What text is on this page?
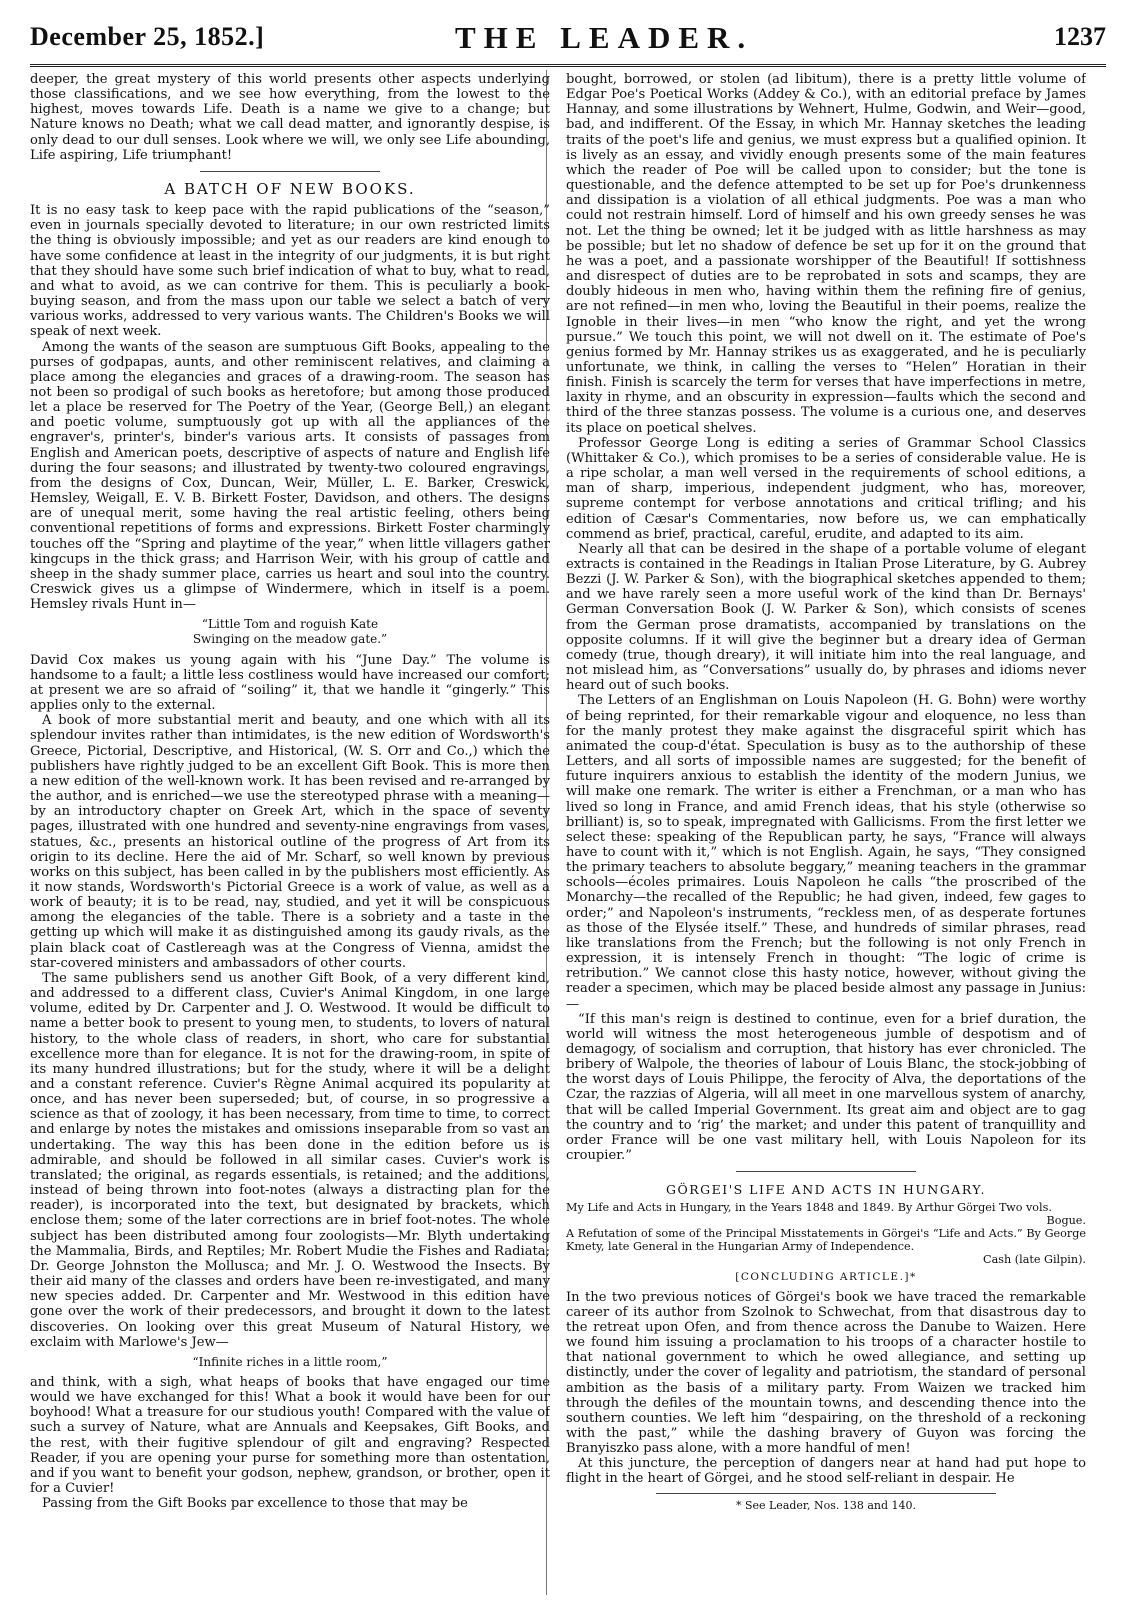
December 25, 1852.]	THE LEADER.	1237

deeper, the great mystery of this world presents other aspects underlying those classifications, and we see how everything, from the lowest to the highest, moves towards Life. Death is a name we give to a change; but Nature knows no Death; what we call dead matter, and ignorantly despise, is only dead to our dull senses. Look where we will, we only see Life abounding, Life aspiring, Life triumphant!

A BATCH OF NEW BOOKS.

It is no easy task to keep pace with the rapid publications of the “season,” even in journals specially devoted to literature; in our own restricted limits the thing is obviously impossible; and yet as our readers are kind enough to have some confidence at least in the integrity of our judgments, it is but right that they should have some such brief indication of what to buy, what to read, and what to avoid, as we can contrive for them. This is peculiarly a book-buying season, and from the mass upon our table we select a batch of very various works, addressed to very various wants. The Children's Books we will speak of next week.

Among the wants of the season are sumptuous Gift Books, appealing to the purses of godpapas, aunts, and other reminiscent relatives, and claiming a place among the elegancies and graces of a drawing-room. The season has not been so prodigal of such books as heretofore; but among those produced let a place be reserved for The Poetry of the Year, (George Bell,) an elegant and poetic volume, sumptuously got up with all the appliances of the engraver's, printer's, binder's various arts. It consists of passages from English and American poets, descriptive of aspects of nature and English life during the four seasons; and illustrated by twenty-two coloured engravings, from the designs of Cox, Duncan, Weir, Müller, L. E. Barker, Creswick, Hemsley, Weigall, E. V. B. Birkett Foster, Davidson, and others. The designs are of unequal merit, some having the real artistic feeling, others being conventional repetitions of forms and expressions. Birkett Foster charmingly touches off the “Spring and playtime of the year,” when little villagers gather kingcups in the thick grass; and Harrison Weir, with his group of cattle and sheep in the shady summer place, carries us heart and soul into the country. Creswick gives us a glimpse of Windermere, which in itself is a poem. Hemsley rivals Hunt in—

“Little Tom and roguish Kate
Swinging on the meadow gate.”

David Cox makes us young again with his “June Day.” The volume is handsome to a fault; a little less costliness would have increased our comfort; at present we are so afraid of “soiling” it, that we handle it “gingerly.” This applies only to the external.

A book of more substantial merit and beauty, and one which with all its splendour invites rather than intimidates, is the new edition of Wordsworth's Greece, Pictorial, Descriptive, and Historical, (W. S. Orr and Co.,) which the publishers have rightly judged to be an excellent Gift Book. This is more then a new edition of the well-known work. It has been revised and re-arranged by the author, and is enriched—we use the stereotyped phrase with a meaning—by an introductory chapter on Greek Art, which in the space of seventy pages, illustrated with one hundred and seventy-nine engravings from vases, statues, &c., presents an historical outline of the progress of Art from its origin to its decline. Here the aid of Mr. Scharf, so well known by previous works on this subject, has been called in by the publishers most efficiently. As it now stands, Wordsworth's Pictorial Greece is a work of value, as well as a work of beauty; it is to be read, nay, studied, and yet it will be conspicuous among the elegancies of the table. There is a sobriety and a taste in the getting up which will make it as distinguished among its gaudy rivals, as the plain black coat of Castlereagh was at the Congress of Vienna, amidst the star-covered ministers and ambassadors of other courts.

The same publishers send us another Gift Book, of a very different kind, and addressed to a different class, Cuvier's Animal Kingdom, in one large volume, edited by Dr. Carpenter and J. O. Westwood. It would be difficult to name a better book to present to young men, to students, to lovers of natural history, to the whole class of readers, in short, who care for substantial excellence more than for elegance. It is not for the drawing-room, in spite of its many hundred illustrations; but for the study, where it will be a delight and a constant reference. Cuvier's Règne Animal acquired its popularity at once, and has never been superseded; but, of course, in so progressive a science as that of zoology, it has been necessary, from time to time, to correct and enlarge by notes the mistakes and omissions inseparable from so vast an undertaking. The way this has been done in the edition before us is admirable, and should be followed in all similar cases. Cuvier's work is translated; the original, as regards essentials, is retained; and the additions, instead of being thrown into foot-notes (always a distracting plan for the reader), is incorporated into the text, but designated by brackets, which enclose them; some of the later corrections are in brief foot-notes. The whole subject has been distributed among four zoologists—Mr. Blyth undertaking the Mammalia, Birds, and Reptiles; Mr. Robert Mudie the Fishes and Radiata; Dr. George Johnston the Mollusca; and Mr. J. O. Westwood the Insects. By their aid many of the classes and orders have been re-investigated, and many new species added. Dr. Carpenter and Mr. Westwood in this edition have gone over the work of their predecessors, and brought it down to the latest discoveries. On looking over this great Museum of Natural History, we exclaim with Marlowe's Jew—

“Infinite riches in a little room,”

and think, with a sigh, what heaps of books that have engaged our time would we have exchanged for this! What a book it would have been for our boyhood! What a treasure for our studious youth! Compared with the value of such a survey of Nature, what are Annuals and Keepsakes, Gift Books, and the rest, with their fugitive splendour of gilt and engraving? Respected Reader, if you are opening your purse for something more than ostentation, and if you want to benefit your godson, nephew, grandson, or brother, open it for a Cuvier!

Passing from the Gift Books par excellence to those that may be

bought, borrowed, or stolen (ad libitum), there is a pretty little volume of Edgar Poe's Poetical Works (Addey & Co.), with an editorial preface by James Hannay, and some illustrations by Wehnert, Hulme, Godwin, and Weir—good, bad, and indifferent. Of the Essay, in which Mr. Hannay sketches the leading traits of the poet's life and genius, we must express but a qualified opinion. It is lively as an essay, and vividly enough presents some of the main features which the reader of Poe will be called upon to consider; but the tone is questionable, and the defence attempted to be set up for Poe's drunkenness and dissipation is a violation of all ethical judgments. Poe was a man who could not restrain himself. Lord of himself and his own greedy senses he was not. Let the thing be owned; let it be judged with as little harshness as may be possible; but let no shadow of defence be set up for it on the ground that he was a poet, and a passionate worshipper of the Beautiful! If sottishness and disrespect of duties are to be reprobated in sots and scamps, they are doubly hideous in men who, having within them the refining fire of genius, are not refined—in men who, loving the Beautiful in their poems, realize the Ignoble in their lives—in men “who know the right, and yet the wrong pursue.” We touch this point, we will not dwell on it. The estimate of Poe's genius formed by Mr. Hannay strikes us as exaggerated, and he is peculiarly unfortunate, we think, in calling the verses to “Helen” Horatian in their finish. Finish is scarcely the term for verses that have imperfections in metre, laxity in rhyme, and an obscurity in expression—faults which the second and third of the three stanzas possess. The volume is a curious one, and deserves its place on poetical shelves.

Professor George Long is editing a series of Grammar School Classics (Whittaker & Co.), which promises to be a series of considerable value. He is a ripe scholar, a man well versed in the requirements of school editions, a man of sharp, imperious, independent judgment, who has, moreover, supreme contempt for verbose annotations and critical trifling; and his edition of Cæsar's Commentaries, now before us, we can emphatically commend as brief, practical, careful, erudite, and adapted to its aim.

Nearly all that can be desired in the shape of a portable volume of elegant extracts is contained in the Readings in Italian Prose Literature, by G. Aubrey Bezzi (J. W. Parker & Son), with the biographical sketches appended to them; and we have rarely seen a more useful work of the kind than Dr. Bernays' German Conversation Book (J. W. Parker & Son), which consists of scenes from the German prose dramatists, accompanied by translations on the opposite columns. If it will give the beginner but a dreary idea of German comedy (true, though dreary), it will initiate him into the real language, and not mislead him, as “Conversations” usually do, by phrases and idioms never heard out of such books.

The Letters of an Englishman on Louis Napoleon (H. G. Bohn) were worthy of being reprinted, for their remarkable vigour and eloquence, no less than for the manly protest they make against the disgraceful spirit which has animated the coup-d'état. Speculation is busy as to the authorship of these Letters, and all sorts of impossible names are suggested; for the benefit of future inquirers anxious to establish the identity of the modern Junius, we will make one remark. The writer is either a Frenchman, or a man who has lived so long in France, and amid French ideas, that his style (otherwise so brilliant) is, so to speak, impregnated with Gallicisms. From the first letter we select these: speaking of the Republican party, he says, “France will always have to count with it,” which is not English. Again, he says, “They consigned the primary teachers to absolute beggary,” meaning teachers in the grammar schools—écoles primaires. Louis Napoleon he calls “the proscribed of the Monarchy—the recalled of the Republic; he had given, indeed, few gages to order;” and Napoleon's instruments, “reckless men, of as desperate fortunes as those of the Elysée itself.” These, and hundreds of similar phrases, read like translations from the French; but the following is not only French in expression, it is intensely French in thought: “The logic of crime is retribution.” We cannot close this hasty notice, however, without giving the reader a specimen, which may be placed beside almost any passage in Junius:—

“If this man's reign is destined to continue, even for a brief duration, the world will witness the most heterogeneous jumble of despotism and of demagogy, of socialism and corruption, that history has ever chronicled. The bribery of Walpole, the theories of labour of Louis Blanc, the stock-jobbing of the worst days of Louis Philippe, the ferocity of Alva, the deportations of the Czar, the razzias of Algeria, will all meet in one marvellous system of anarchy, that will be called Imperial Government. Its great aim and object are to gag the country and to ‘rig’ the market; and under this patent of tranquillity and order France will be one vast military hell, with Louis Napoleon for its croupier.”

GÖRGEI'S LIFE AND ACTS IN HUNGARY.

My Life and Acts in Hungary, in the Years 1848 and 1849. By Arthur Görgei Two vols.
Bogue.
A Refutation of some of the Principal Misstatements in Görgei's “Life and Acts.” By George Kmety, late General in the Hungarian Army of Independence.
Cash (late Gilpin).

[CONCLUDING ARTICLE.]*

In the two previous notices of Görgei's book we have traced the remarkable career of its author from Szolnok to Schwechat, from that disastrous day to the retreat upon Ofen, and from thence across the Danube to Waizen. Here we found him issuing a proclamation to his troops of a character hostile to that national government to which he owed allegiance, and setting up distinctly, under the cover of legality and patriotism, the standard of personal ambition as the basis of a military party. From Waizen we tracked him through the defiles of the mountain towns, and descending thence into the southern counties. We left him “despairing, on the threshold of a reckoning with the past,” while the dashing bravery of Guyon was forcing the Branyiszko pass alone, with a more handful of men!

At this juncture, the perception of dangers near at hand had put hope to flight in the heart of Görgei, and he stood self-reliant in despair. He

* See Leader, Nos. 138 and 140.
